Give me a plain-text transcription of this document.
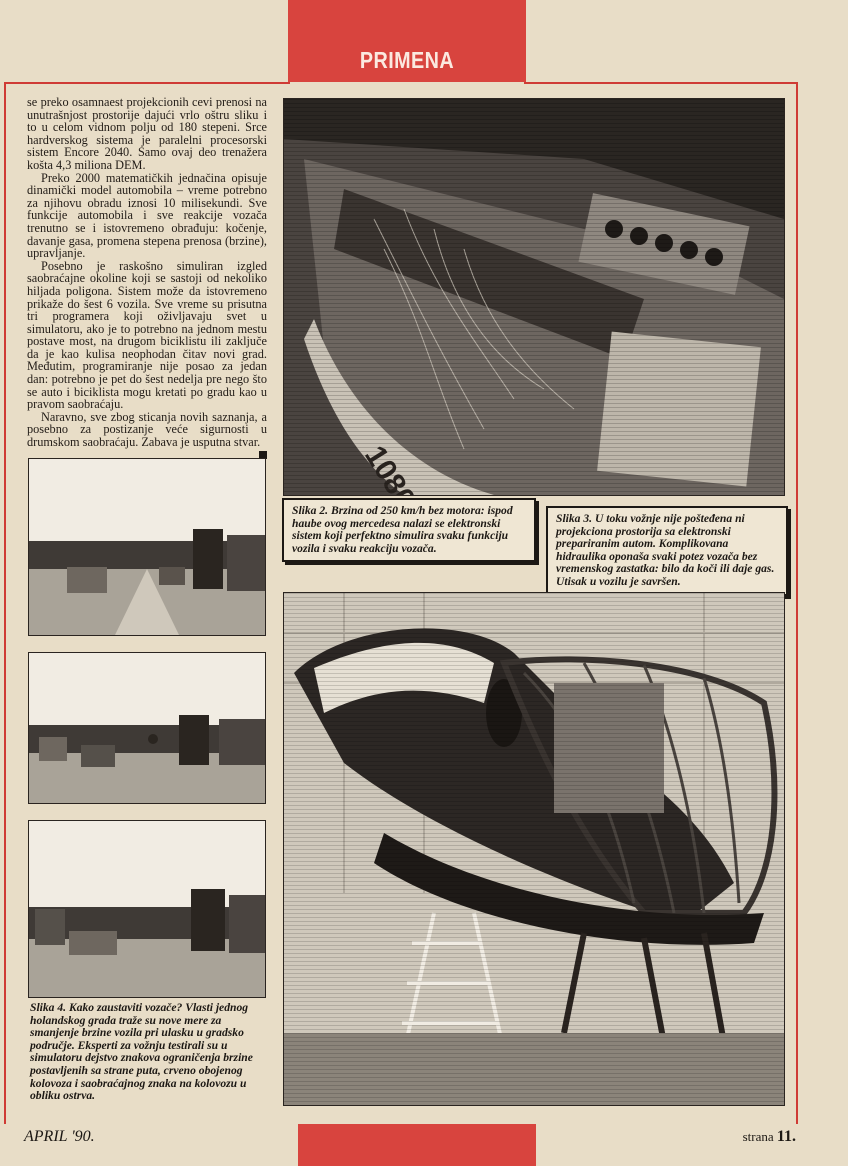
PRIMENA

se preko osamnaest projekcionih cevi prenosi na unutrašnjost prostorije dajući vrlo oštru sliku i to u celom vidnom polju od 180 stepeni. Srce hardverskog sistema je paralelni procesorski sistem Encore 2040. Samo ovaj deo trenažera košta 4,3 miliona DEM.

Preko 2000 matematičkih jednačina opisuje dinamički model automobila – vreme potrebno za njihovu obradu iznosi 10 milisekundi. Sve funkcije automobila i sve reakcije vozača trenutno se i istovremeno obrađuju: kočenje, davanje gasa, promena stepena prenosa (brzine), upravljanje.

Posebno je raskošno simuliran izgled saobraćajne okoline koji se sastoji od nekoliko hiljada poligona. Sistem može da istovremeno prikaže do šest 6 vozila. Sve vreme su prisutna tri programera koji oživljavaju svet u simulatoru, ako je to potrebno na jednom mestu postave most, na drugom biciklistu ili zaključe da je kao kulisa neophodan čitav novi grad. Međutim, programiranje nije posao za jedan dan: potrebno je pet do šest nedelja pre nego što se auto i biciklista mogu kretati po gradu kao u pravom saobraćaju.

Naravno, sve zbog sticanja novih saznanja, a posebno za postizanje veće sigurnosti u drumskom saobraćaju. Zabava je usputna stvar.

Slika 2. Brzina od 250 km/h bez motora: ispod haube ovog mercedesa nalazi se elektronski sistem koji perfektno simulira svaku funkciju vozila i svaku reakciju vozača.
Slika 3. U toku vožnje nije pošteđena ni projekciona prostorija sa elektronski prepariranim autom. Komplikovana hidraulika oponaša svaki potez vozača bez vremenskog zastatka: bilo da koči ili daje gas. Utisak u vozilu je savršen.
Slika 4. Kako zaustaviti vozače? Vlasti jednog holandskog grada traže su nove mere za smanjenje brzine vozila pri ulasku u gradsko područje. Eksperti za vožnju testirali su u simulatoru dejstvo znakova ograničenja brzine postavljenih sa strane puta, crveno obojenog kolovoza i saobraćajnog znaka na kolovozu u obliku ostrva.
APRIL '90.	strana 11.
